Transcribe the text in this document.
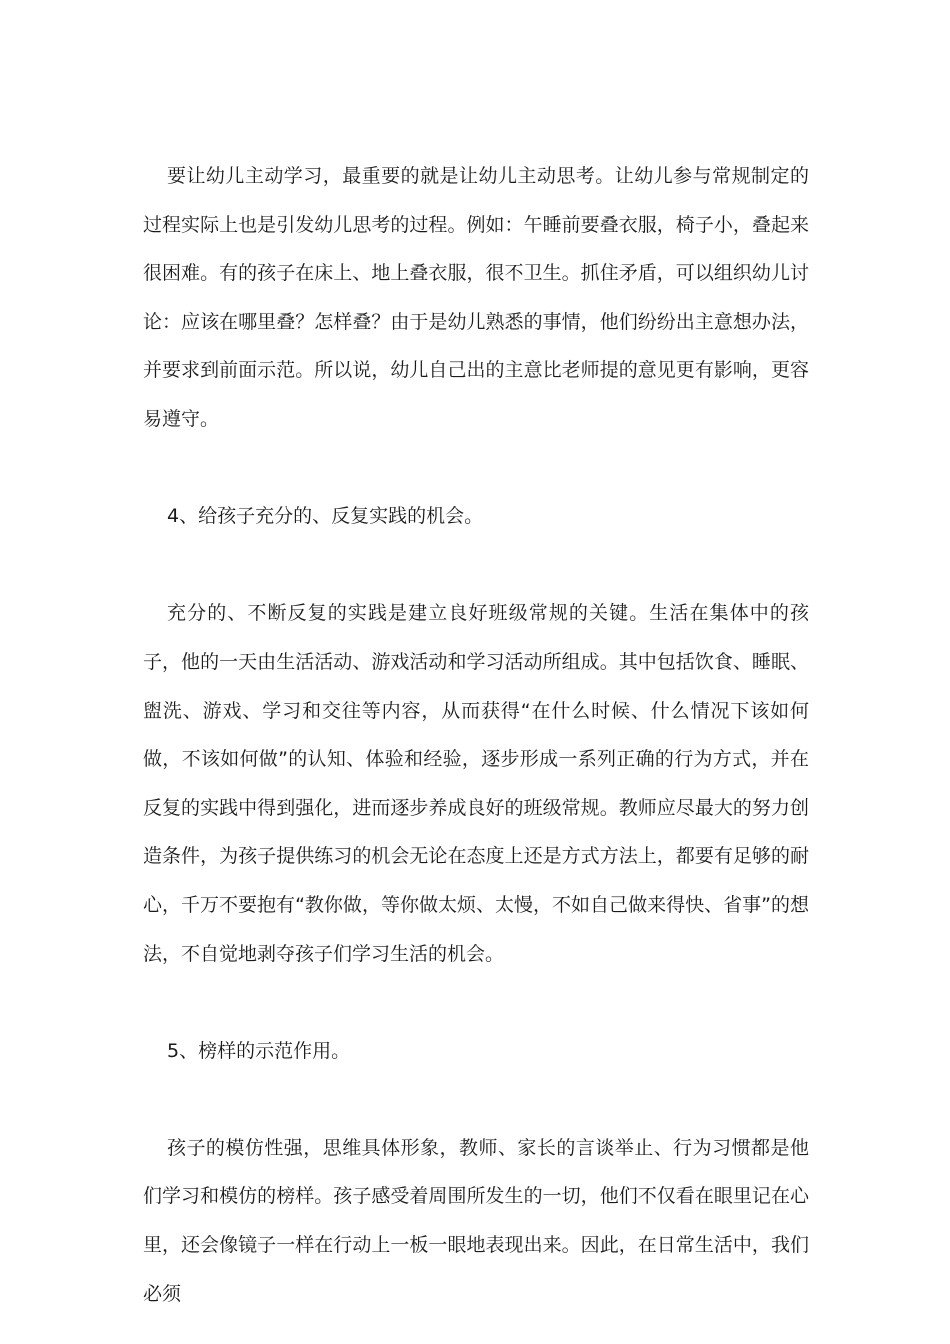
要让幼儿主动学习，最重要的就是让幼儿主动思考。让幼儿参与常规制定的过程实际上也是引发幼儿思考的过程。例如：午睡前要叠衣服，椅子小，叠起来很困难。有的孩子在床上、地上叠衣服，很不卫生。抓住矛盾，可以组织幼儿讨论：应该在哪里叠？怎样叠？由于是幼儿熟悉的事情，他们纷纷出主意想办法，并要求到前面示范。所以说，幼儿自己出的主意比老师提的意见更有影响，更容易遵守。

4、给孩子充分的、反复实践的机会。

充分的、不断反复的实践是建立良好班级常规的关键。生活在集体中的孩子，他的一天由生活活动、游戏活动和学习活动所组成。其中包括饮食、睡眠、盥洗、游戏、学习和交往等内容，从而获得“在什么时候、什么情况下该如何做，不该如何做”的认知、体验和经验，逐步形成一系列正确的行为方式，并在反复的实践中得到强化，进而逐步养成良好的班级常规。教师应尽最大的努力创造条件，为孩子提供练习的机会无论在态度上还是方式方法上，都要有足够的耐心，千万不要抱有“教你做，等你做太烦、太慢，不如自己做来得快、省事”的想法，不自觉地剥夺孩子们学习生活的机会。

5、榜样的示范作用。

孩子的模仿性强，思维具体形象，教师、家长的言谈举止、行为习惯都是他们学习和模仿的榜样。孩子感受着周围所发生的一切，他们不仅看在眼里记在心里，还会像镜子一样在行动上一板一眼地表现出来。因此，在日常生活中，我们必须
